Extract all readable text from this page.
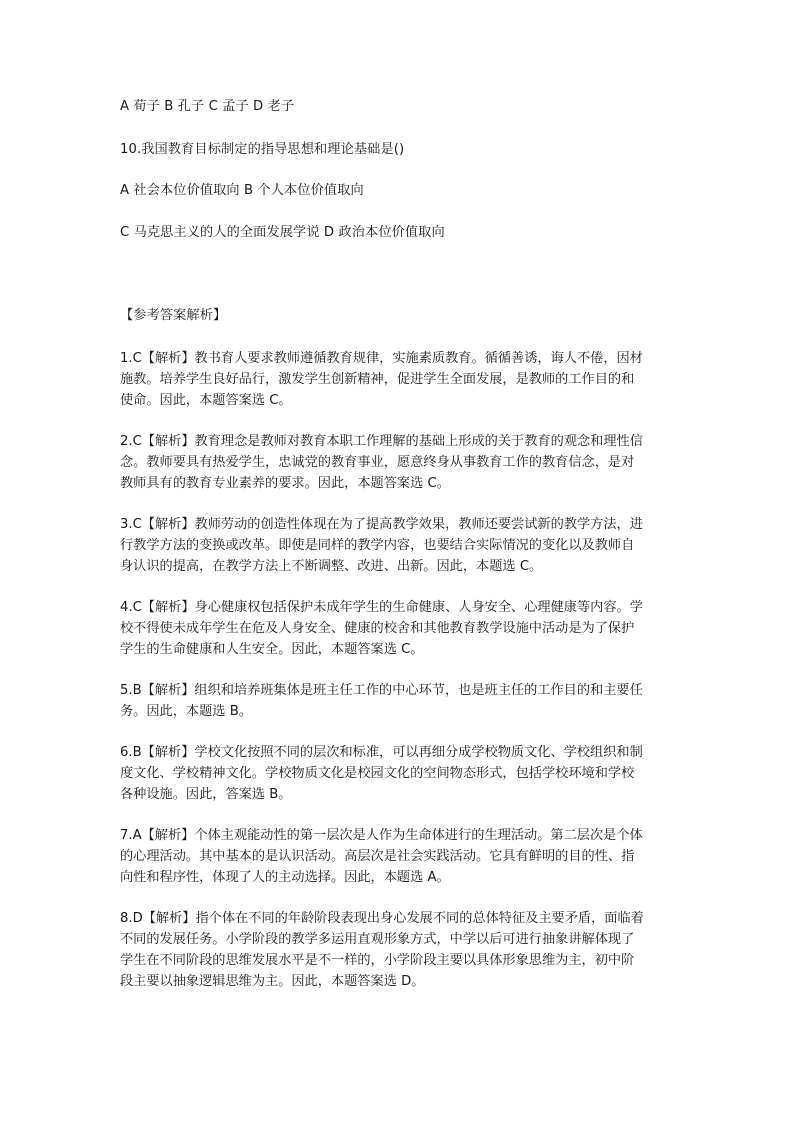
A 荀子 B 孔子 C 孟子 D 老子
10.我国教育目标制定的指导思想和理论基础是()
A 社会本位价值取向 B 个人本位价值取向
C 马克思主义的人的全面发展学说 D 政治本位价值取向
【参考答案解析】
1.C【解析】教书育人要求教师遵循教育规律，实施素质教育。循循善诱，诲人不倦，因材
施教。培养学生良好品行，激发学生创新精神，促进学生全面发展，是教师的工作目的和
使命。因此，本题答案选 C。
2.C【解析】教育理念是教师对教育本职工作理解的基础上形成的关于教育的观念和理性信
念。教师要具有热爱学生，忠诚党的教育事业，愿意终身从事教育工作的教育信念，是对
教师具有的教育专业素养的要求。因此，本题答案选 C。
3.C【解析】教师劳动的创造性体现在为了提高教学效果，教师还要尝试新的教学方法，进
行教学方法的变换或改革。即使是同样的教学内容，也要结合实际情况的变化以及教师自
身认识的提高，在教学方法上不断调整、改进、出新。因此，本题选 C。
4.C【解析】身心健康权包括保护未成年学生的生命健康、人身安全、心理健康等内容。学
校不得使未成年学生在危及人身安全、健康的校舍和其他教育教学设施中活动是为了保护
学生的生命健康和人生安全。因此，本题答案选 C。
5.B【解析】组织和培养班集体是班主任工作的中心环节，也是班主任的工作目的和主要任
务。因此，本题选 B。
6.B【解析】学校文化按照不同的层次和标准，可以再细分成学校物质文化、学校组织和制
度文化、学校精神文化。学校物质文化是校园文化的空间物态形式，包括学校环境和学校
各种设施。因此，答案选 B。
7.A【解析】个体主观能动性的第一层次是人作为生命体进行的生理活动。第二层次是个体
的心理活动。其中基本的是认识活动。高层次是社会实践活动。它具有鲜明的目的性、指
向性和程序性，体现了人的主动选择。因此，本题选 A。
8.D【解析】指个体在不同的年龄阶段表现出身心发展不同的总体特征及主要矛盾，面临着
不同的发展任务。小学阶段的教学多运用直观形象方式，中学以后可进行抽象讲解体现了
学生在不同阶段的思维发展水平是不一样的，小学阶段主要以具体形象思维为主，初中阶
段主要以抽象逻辑思维为主。因此，本题答案选 D。
